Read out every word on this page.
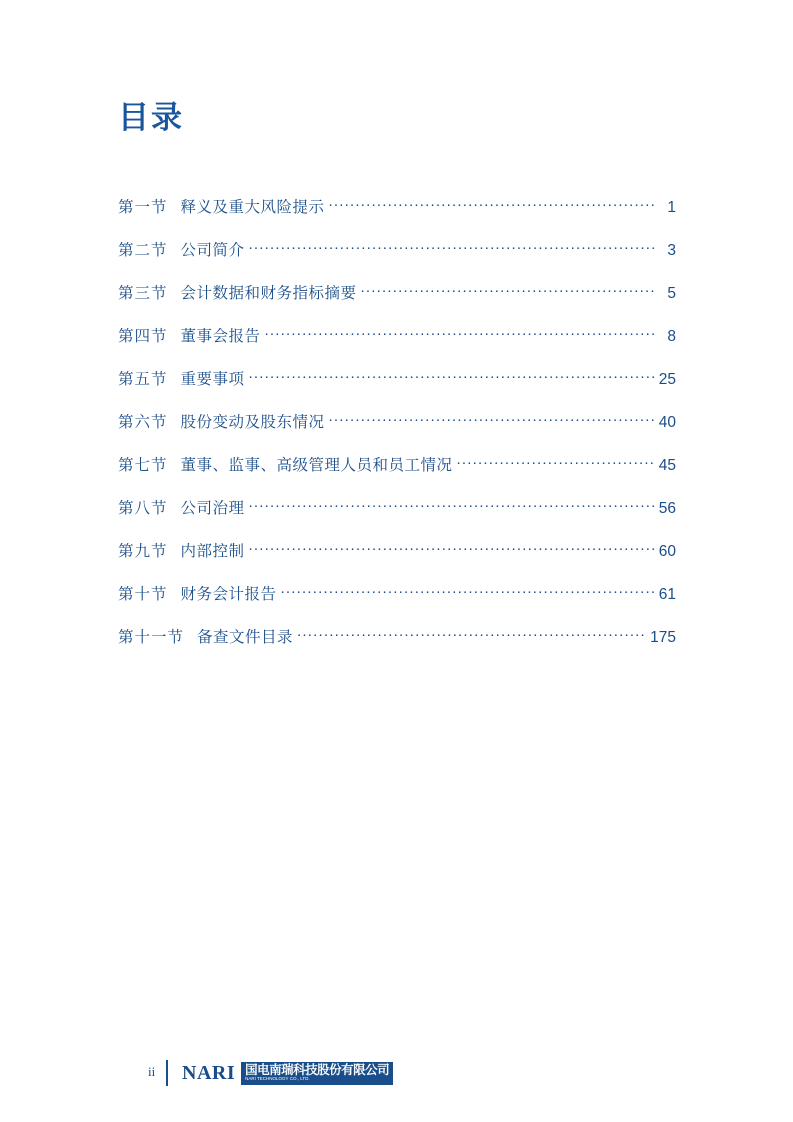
目录
第一节 释义及重大风险提示 .....	1
第二节 公司简介 .....	3
第三节 会计数据和财务指标摘要 .....	5
第四节 董事会报告 .....	8
第五节 重要事项 .....	25
第六节 股份变动及股东情况 .....	40
第七节 董事、监事、高级管理人员和员工情况 .....	45
第八节 公司治理 .....	56
第九节 内部控制 .....	60
第十节 财务会计报告 .....	61
第十一节 备查文件目录 .....	175
ii NARI 国电南瑞科技股份有限公司
NARI TECHNOLOGY CO., LTD.
